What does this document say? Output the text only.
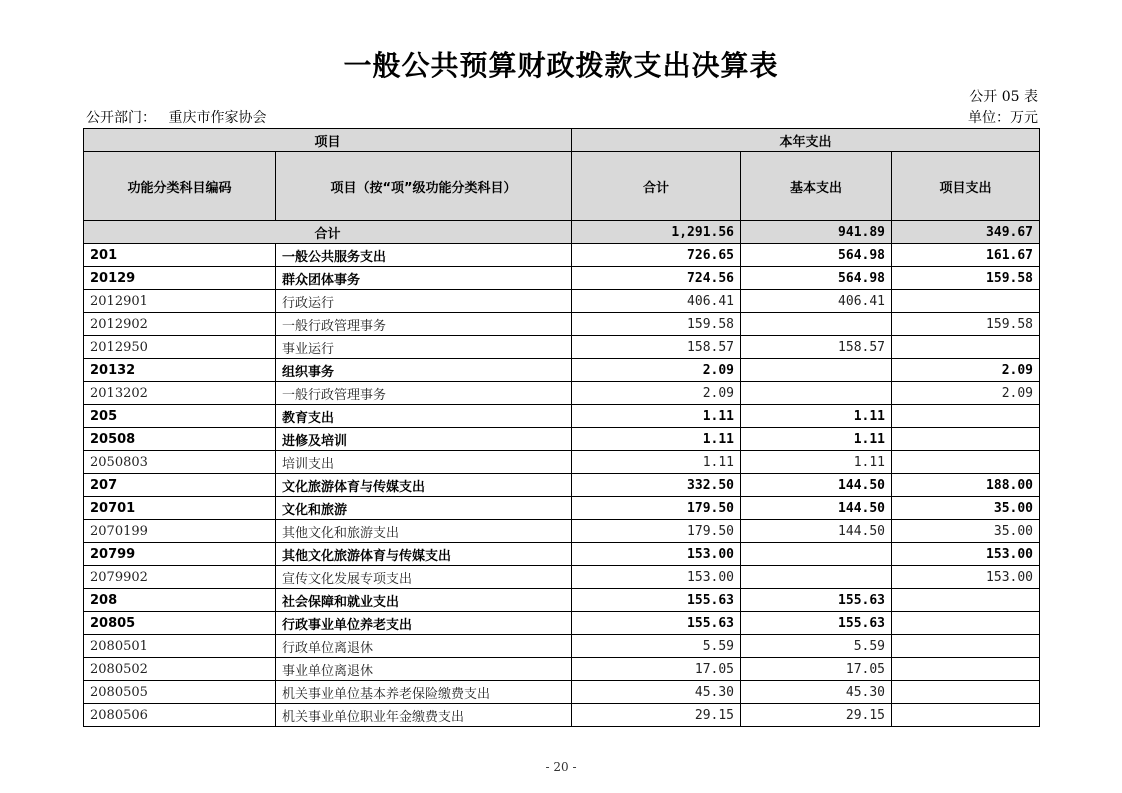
一般公共预算财政拨款支出决算表
公开 05 表
公开部门： 重庆市作家协会	单位：万元
项目		本年支出		
功能分类科目编码	项目（按“项”级功能分类科目）	合计	基本支出	项目支出
合计		1,291.56	941.89	349.67
201	一般公共服务支出	726.65	564.98	161.67
20129	群众团体事务	724.56	564.98	159.58
2012901	行政运行	406.41	406.41	
2012902	一般行政管理事务	159.58		159.58
2012950	事业运行	158.57	158.57	
20132	组织事务	2.09		2.09
2013202	一般行政管理事务	2.09		2.09
205	教育支出	1.11	1.11	
20508	进修及培训	1.11	1.11	
2050803	培训支出	1.11	1.11	
207	文化旅游体育与传媒支出	332.50	144.50	188.00
20701	文化和旅游	179.50	144.50	35.00
2070199	其他文化和旅游支出	179.50	144.50	35.00
20799	其他文化旅游体育与传媒支出	153.00		153.00
2079902	宣传文化发展专项支出	153.00		153.00
208	社会保障和就业支出	155.63	155.63	
20805	行政事业单位养老支出	155.63	155.63	
2080501	行政单位离退休	5.59	5.59	
2080502	事业单位离退休	17.05	17.05	
2080505	机关事业单位基本养老保险缴费支出	45.30	45.30	
2080506	机关事业单位职业年金缴费支出	29.15	29.15	
- 20 -
